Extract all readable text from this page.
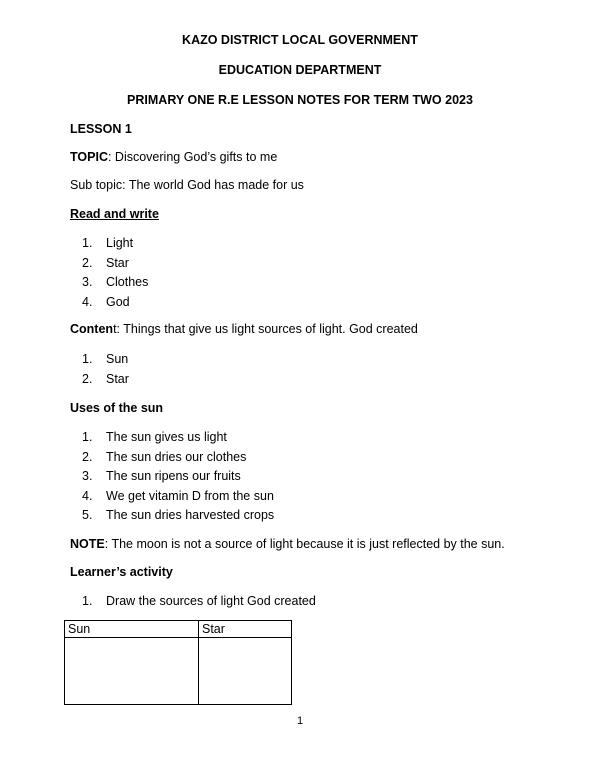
KAZO DISTRICT LOCAL GOVERNMENT
EDUCATION DEPARTMENT
PRIMARY ONE R.E LESSON NOTES FOR TERM TWO 2023
LESSON 1
TOPIC: Discovering God’s gifts to me
Sub topic: The world God has made for us
Read and write
1. Light
2. Star
3. Clothes
4. God
Content: Things that give us light sources of light. God created
1. Sun
2. Star
Uses of the sun
1. The sun gives us light
2. The sun dries our clothes
3. The sun ripens our fruits
4. We get vitamin D from the sun
5. The sun dries harvested crops
NOTE: The moon is not a source of light because it is just reflected by the sun.
Learner’s activity
1. Draw the sources of light God created
Sun	Star

1
